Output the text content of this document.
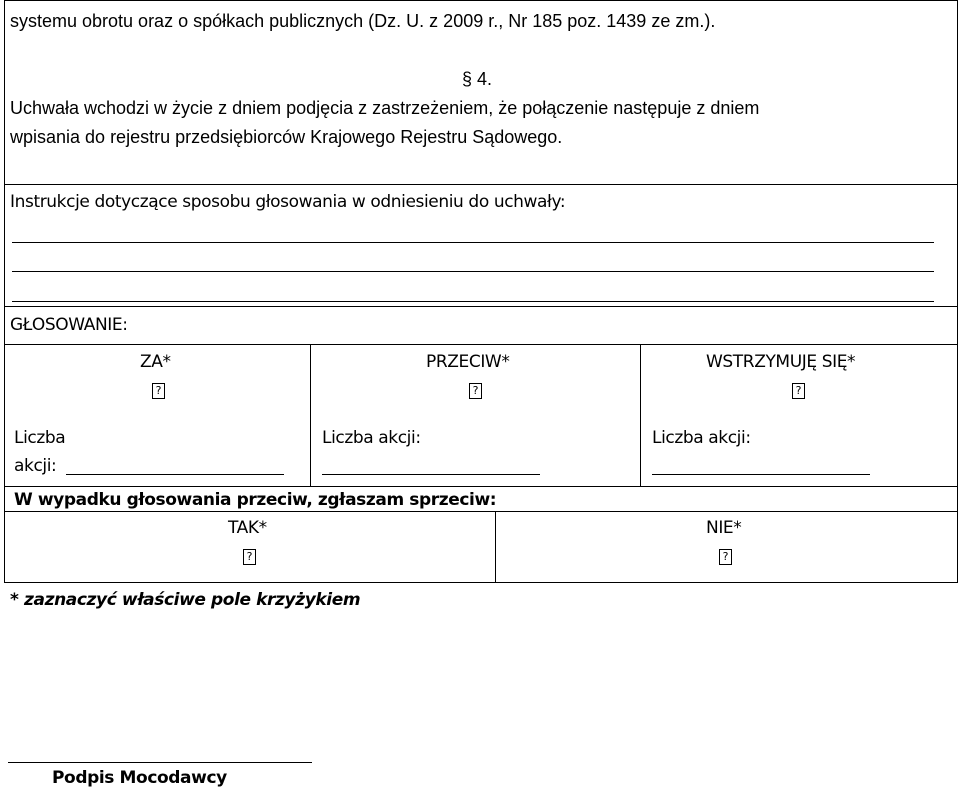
systemu obrotu oraz o spółkach publicznych (Dz. U. z 2009 r., Nr 185 poz. 1439 ze zm.).
§ 4.
Uchwała wchodzi w życie z dniem podjęcia z zastrzeżeniem, że połączenie następuje z dniem
wpisania do rejestru przedsiębiorców Krajowego Rejestru Sądowego.
Instrukcje dotyczące sposobu głosowania w odniesieniu do uchwały:
GŁOSOWANIE:
ZA*
?
PRZECIW*
?
WSTRZYMUJĘ SIĘ*
?
Liczba
akcji:
Liczba akcji:	Liczba akcji:
W wypadku głosowania przeciw, zgłaszam sprzeciw:
TAK*
?
NIE*
?
* zaznaczyć właściwe pole krzyżykiem
Podpis Mocodawcy
